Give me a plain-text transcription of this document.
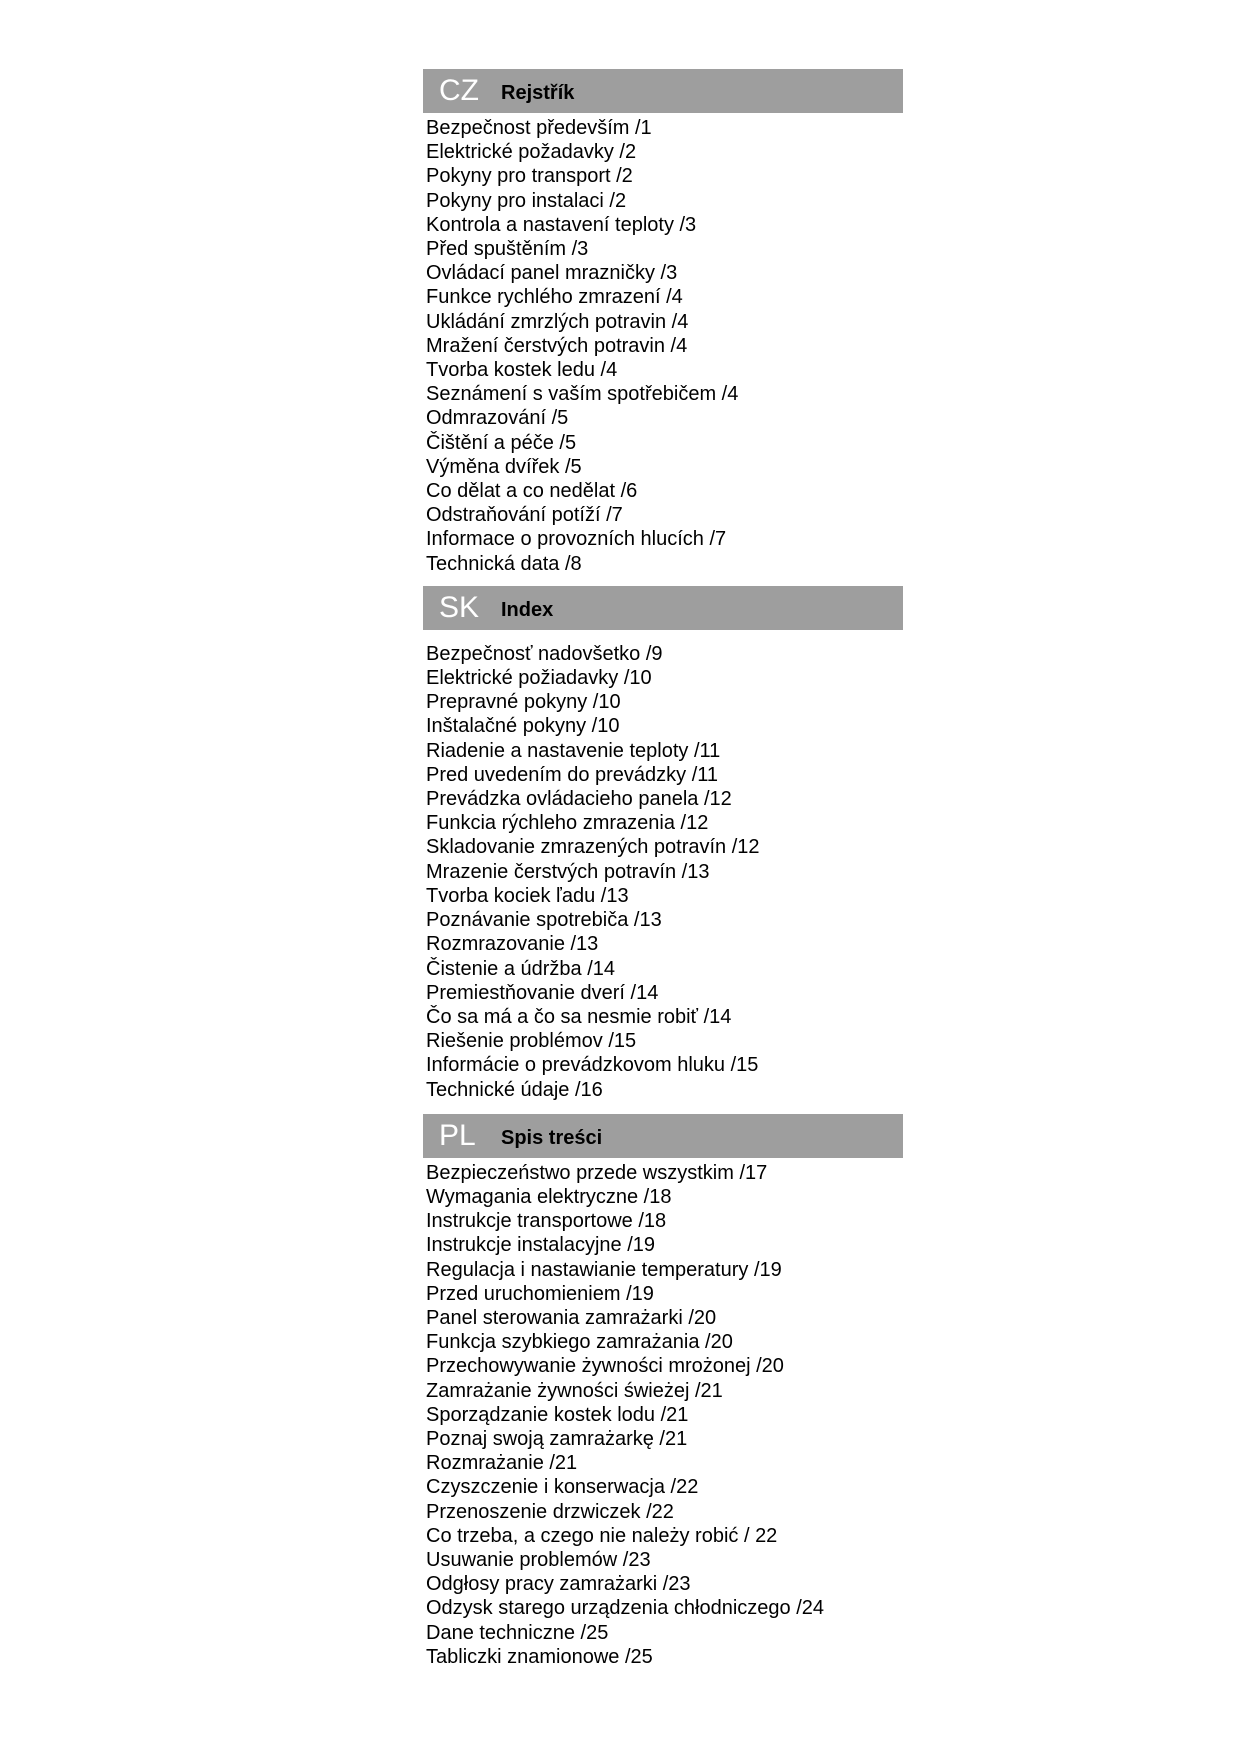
CZ	Rejstřík
Bezpečnost především /1
Elektrické požadavky /2
Pokyny pro transport /2
Pokyny pro instalaci /2
Kontrola a nastavení teploty /3
Před spuštěním /3
Ovládací panel mrazničky /3
Funkce rychlého zmrazení /4
Ukládání zmrzlých potravin /4
Mražení čerstvých potravin /4
Tvorba kostek ledu /4
Seznámení s vaším spotřebičem /4
Odmrazování /5
Čištění a péče /5
Výměna dvířek /5
Co dělat a co nedělat /6
Odstraňování potíží /7
Informace o provozních hlucích /7
Technická data /8
SK	Index
Bezpečnosť nadovšetko /9
Elektrické požiadavky /10
Prepravné pokyny /10
Inštalačné pokyny /10
Riadenie a nastavenie teploty /11
Pred uvedením do prevádzky /11
Prevádzka ovládacieho panela /12
Funkcia rýchleho zmrazenia /12
Skladovanie zmrazených potravín /12
Mrazenie čerstvých potravín /13
Tvorba kociek ľadu /13
Poznávanie spotrebiča /13
Rozmrazovanie /13
Čistenie a údržba /14
Premiestňovanie dverí /14
Čo sa má a čo sa nesmie robiť /14
Riešenie problémov /15
Informácie o prevádzkovom hluku /15
Technické údaje /16
PL	Spis treści
Bezpieczeństwo przede wszystkim /17
Wymagania elektryczne /18
Instrukcje transportowe /18
Instrukcje instalacyjne /19
Regulacja i nastawianie temperatury /19
Przed uruchomieniem /19
Panel sterowania zamrażarki /20
Funkcja szybkiego zamrażania /20
Przechowywanie żywności mrożonej /20
Zamrażanie żywności świeżej /21
Sporządzanie kostek lodu /21
Poznaj swoją zamrażarkę /21
Rozmrażanie /21
Czyszczenie i konserwacja /22
Przenoszenie drzwiczek /22
Co trzeba, a czego nie należy robić / 22
Usuwanie problemów /23
Odgłosy pracy zamrażarki /23
Odzysk starego urządzenia chłodniczego /24
Dane techniczne /25
Tabliczki znamionowe /25
